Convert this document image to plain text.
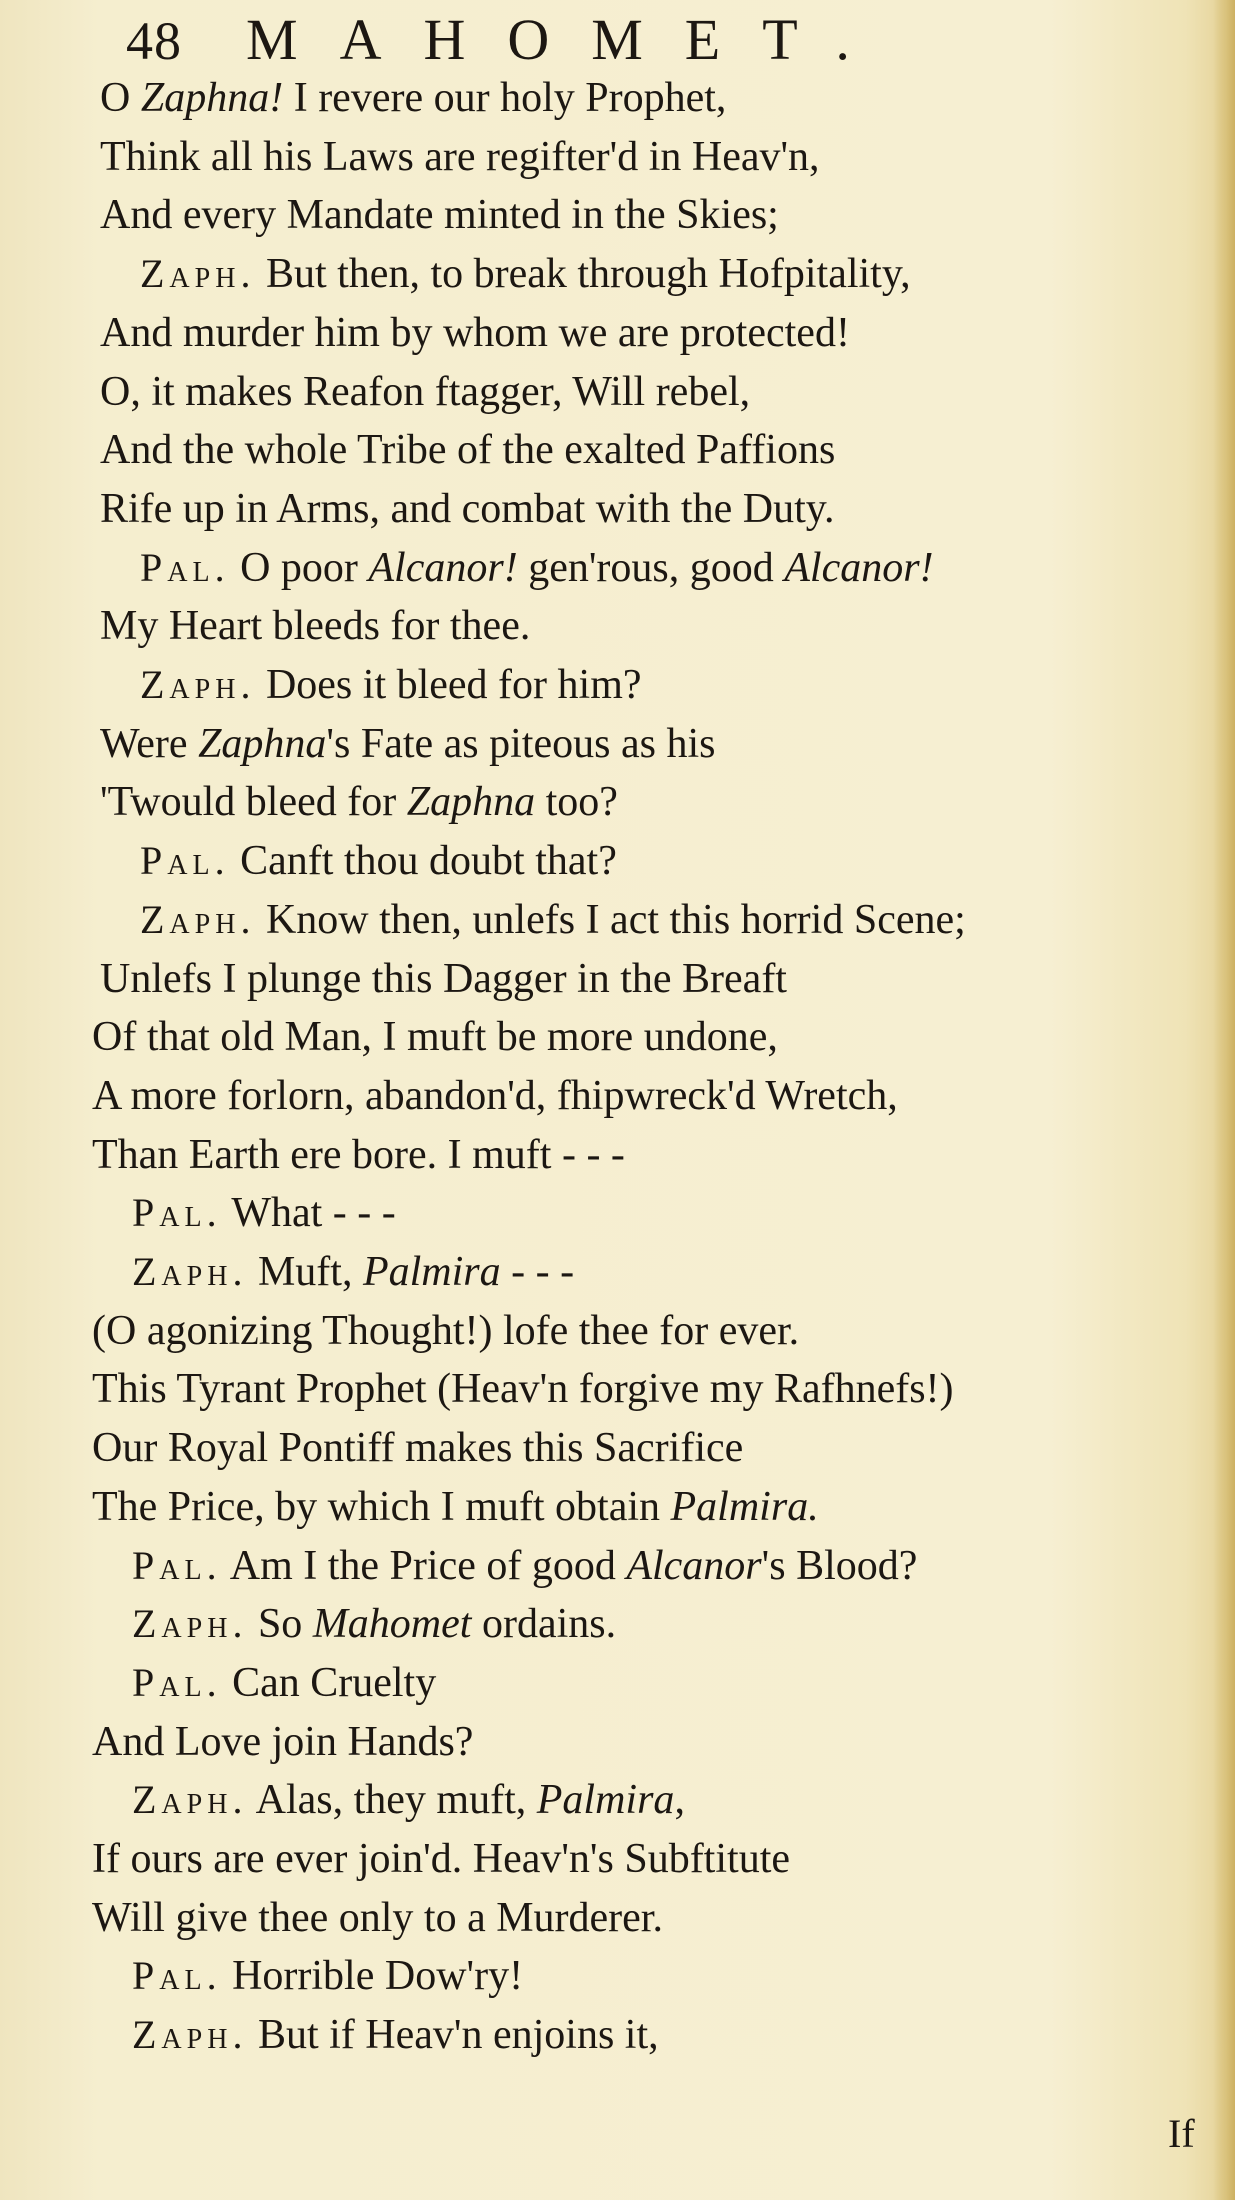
48	MAHOMET.
O Zaphna! I revere our holy Prophet,
Think all his Laws are regifter'd in Heav'n,
And every Mandate minted in the Skies;
Zaph. But then, to break through Hofpitality,
And murder him by whom we are protected!
O, it makes Reafon ftagger, Will rebel,
And the whole Tribe of the exalted Paffions
Rife up in Arms, and combat with the Duty.
Pal. O poor Alcanor! gen'rous, good Alcanor!
My Heart bleeds for thee.
Zaph. Does it bleed for him?
Were Zaphna's Fate as piteous as his
'Twould bleed for Zaphna too?
Pal. Canft thou doubt that?
Zaph. Know then, unlefs I act this horrid Scene;
Unlefs I plunge this Dagger in the Breaft
Of that old Man, I muft be more undone,
A more forlorn, abandon'd, fhipwreck'd Wretch,
Than Earth ere bore. I muft - - -
Pal. What - - -
Zaph. Muft, Palmira - - -
(O agonizing Thought!) lofe thee for ever.
This Tyrant Prophet (Heav'n forgive my Rafhnefs!)
Our Royal Pontiff makes this Sacrifice
The Price, by which I muft obtain Palmira.
Pal. Am I the Price of good Alcanor's Blood?
Zaph. So Mahomet ordains.
Pal. Can Cruelty
And Love join Hands?
Zaph. Alas, they muft, Palmira,
If ours are ever join'd. Heav'n's Subftitute
Will give thee only to a Murderer.
Pal. Horrible Dow'ry!
Zaph. But if Heav'n enjoins it,
If
